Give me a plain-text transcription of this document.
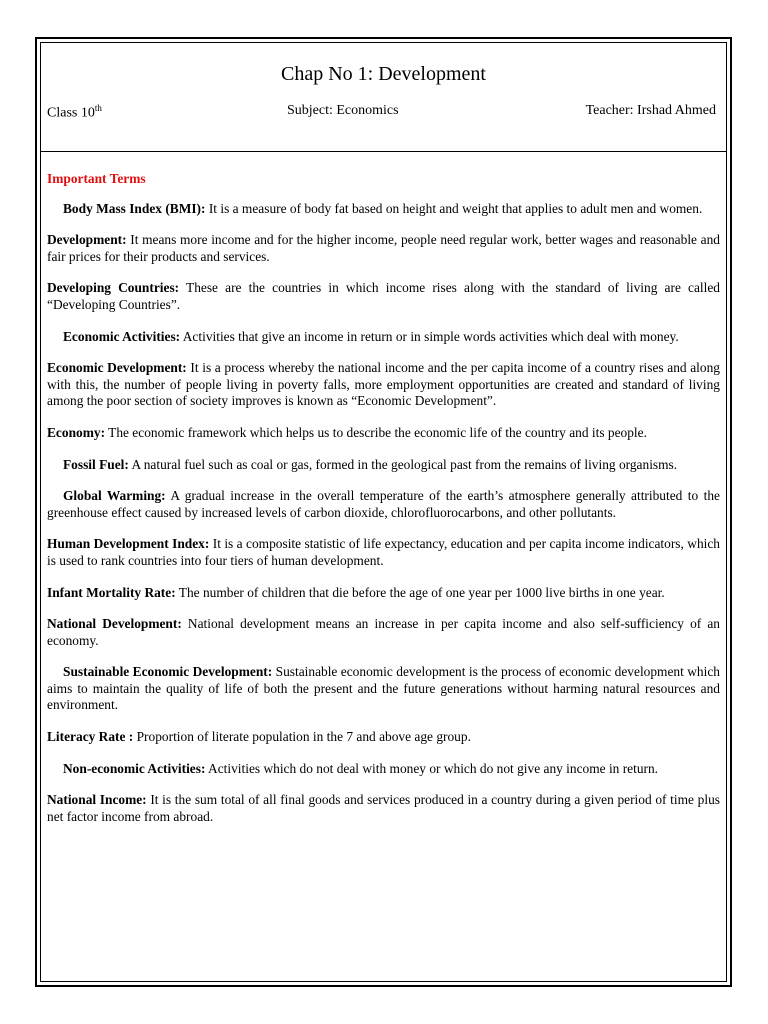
Chap No 1: Development
Class 10th	Subject: Economics	Teacher: Irshad Ahmed
Important Terms

Body Mass Index (BMI): It is a measure of body fat based on height and weight that applies to adult men and women.

Development: It means more income and for the higher income, people need regular work, better wages and reasonable and fair prices for their products and services.

Developing Countries: These are the countries in which income rises along with the standard of living are called “Developing Countries”.

Economic Activities: Activities that give an income in return or in simple words activities which deal with money.

Economic Development: It is a process whereby the national income and the per capita income of a country rises and along with this, the number of people living in poverty falls, more employment opportunities are created and standard of living among the poor section of society improves is known as “Economic Development”.

Economy: The economic framework which helps us to describe the economic life of the country and its people.

Fossil Fuel: A natural fuel such as coal or gas, formed in the geological past from the remains of living organisms.

Global Warming: A gradual increase in the overall temperature of the earth’s atmosphere generally attributed to the greenhouse effect caused by increased levels of carbon dioxide, chlorofluorocarbons, and other pollutants.

Human Development Index: It is a composite statistic of life expectancy, education and per capita income indicators, which is used to rank countries into four tiers of human development.

Infant Mortality Rate: The number of children that die before the age of one year per 1000 live births in one year.

National Development: National development means an increase in per capita income and also self-sufficiency of an economy.

Sustainable Economic Development: Sustainable economic development is the process of economic development which aims to maintain the quality of life of both the present and the future generations without harming natural resources and environment.

Literacy Rate : Proportion of literate population in the 7 and above age group.

Non-economic Activities: Activities which do not deal with money or which do not give any income in return.

National Income: It is the sum total of all final goods and services produced in a country during a given period of time plus net factor income from abroad.
